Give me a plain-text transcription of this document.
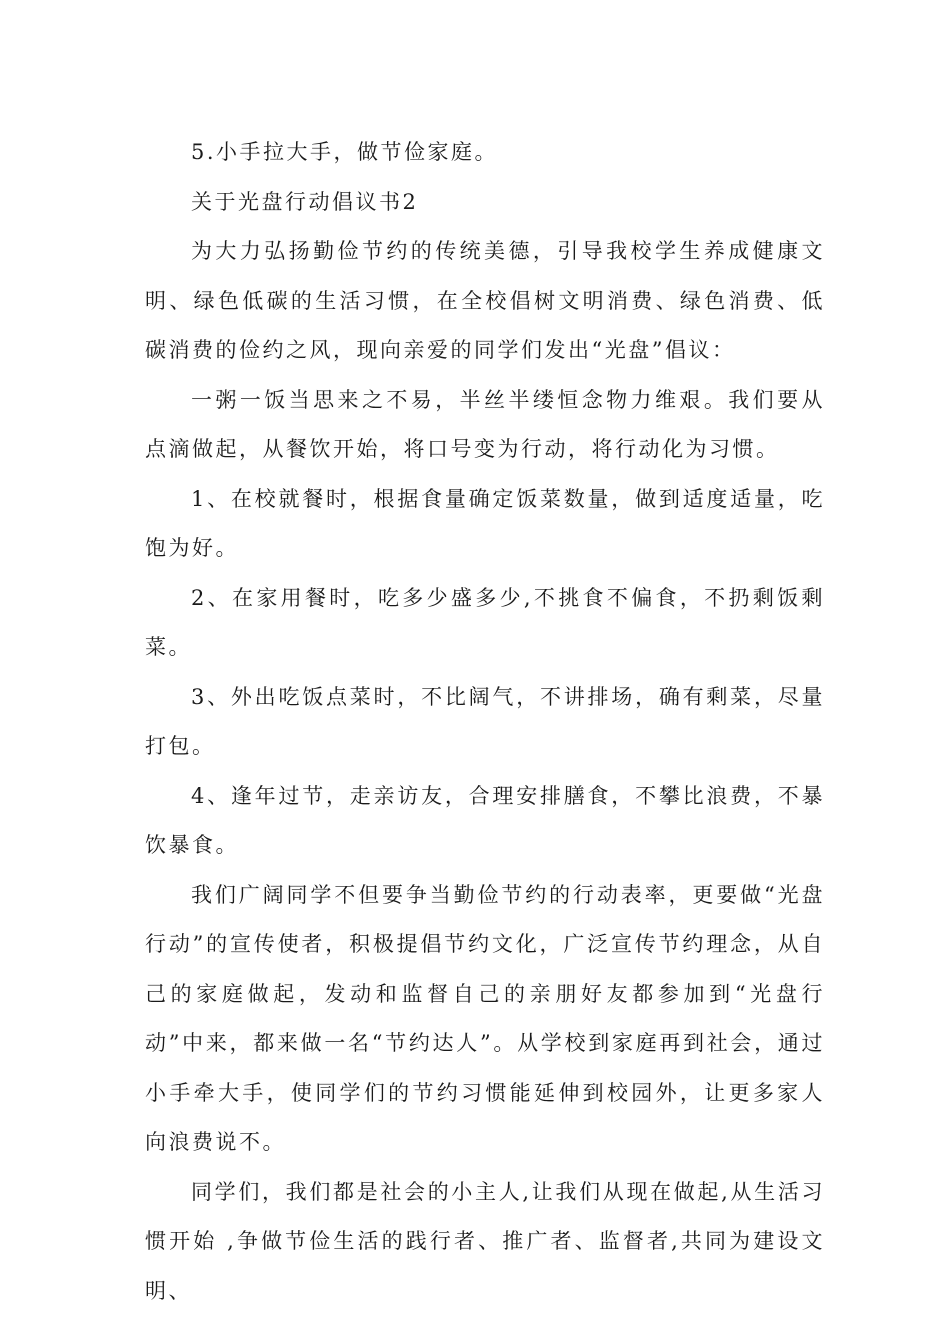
5.小手拉大手，做节俭家庭。

关于光盘行动倡议书2

为大力弘扬勤俭节约的传统美德，引导我校学生养成健康文明、绿色低碳的生活习惯，在全校倡树文明消费、绿色消费、低碳消费的俭约之风，现向亲爱的同学们发出“光盘”倡议：

一粥一饭当思来之不易，半丝半缕恒念物力维艰。我们要从点滴做起，从餐饮开始，将口号变为行动，将行动化为习惯。

1、在校就餐时，根据食量确定饭菜数量，做到适度适量，吃饱为好。

2、在家用餐时，吃多少盛多少,不挑食不偏食，不扔剩饭剩菜。

3、外出吃饭点菜时，不比阔气，不讲排场，确有剩菜，尽量打包。

4、逢年过节，走亲访友，合理安排膳食，不攀比浪费，不暴饮暴食。

我们广阔同学不但要争当勤俭节约的行动表率，更要做“光盘行动”的宣传使者，积极提倡节约文化，广泛宣传节约理念，从自己的家庭做起，发动和监督自己的亲朋好友都参加到“光盘行动”中来，都来做一名“节约达人”。从学校到家庭再到社会，通过小手牵大手，使同学们的节约习惯能延伸到校园外，让更多家人向浪费说不。

同学们，我们都是社会的小主人,让我们从现在做起,从生活习惯开始 ,争做节俭生活的践行者、推广者、监督者,共同为建设文明、
